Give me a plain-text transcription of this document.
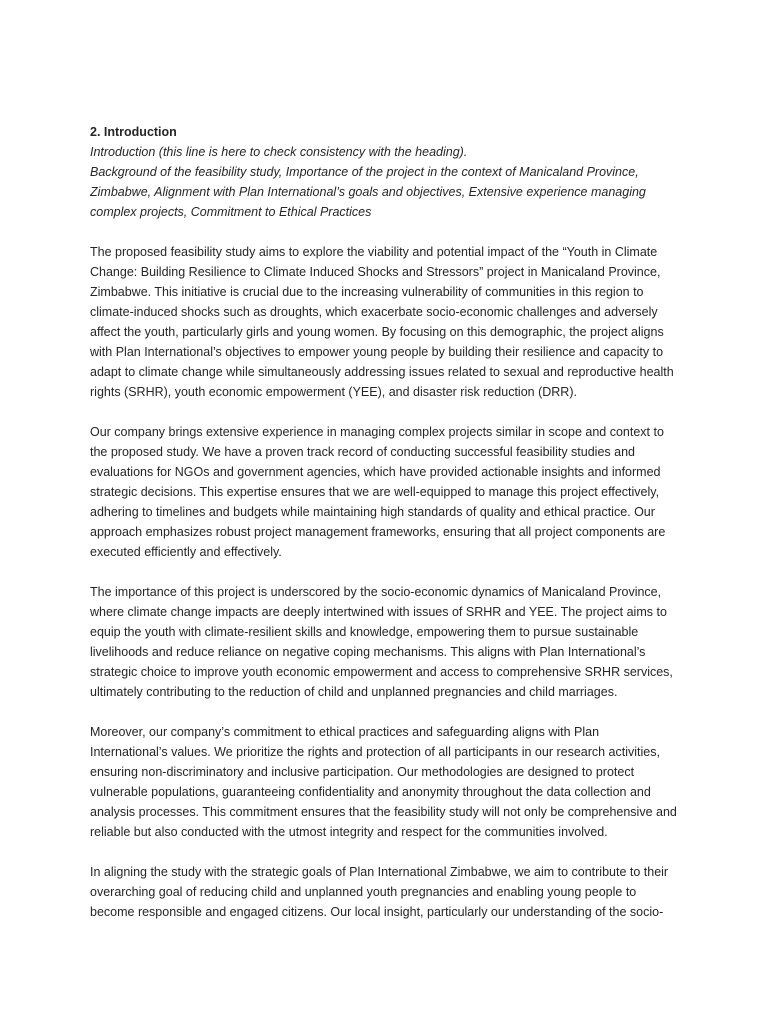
2. Introduction

Introduction (this line is here to check consistency with the heading).

Background of the feasibility study, Importance of the project in the context of Manicaland Province, Zimbabwe, Alignment with Plan International’s goals and objectives, Extensive experience managing complex projects, Commitment to Ethical Practices

The proposed feasibility study aims to explore the viability and potential impact of the “Youth in Climate Change: Building Resilience to Climate Induced Shocks and Stressors” project in Manicaland Province, Zimbabwe. This initiative is crucial due to the increasing vulnerability of communities in this region to climate-induced shocks such as droughts, which exacerbate socio-economic challenges and adversely affect the youth, particularly girls and young women. By focusing on this demographic, the project aligns with Plan International’s objectives to empower young people by building their resilience and capacity to adapt to climate change while simultaneously addressing issues related to sexual and reproductive health rights (SRHR), youth economic empowerment (YEE), and disaster risk reduction (DRR).

Our company brings extensive experience in managing complex projects similar in scope and context to the proposed study. We have a proven track record of conducting successful feasibility studies and evaluations for NGOs and government agencies, which have provided actionable insights and informed strategic decisions. This expertise ensures that we are well-equipped to manage this project effectively, adhering to timelines and budgets while maintaining high standards of quality and ethical practice. Our approach emphasizes robust project management frameworks, ensuring that all project components are executed efficiently and effectively.

The importance of this project is underscored by the socio-economic dynamics of Manicaland Province, where climate change impacts are deeply intertwined with issues of SRHR and YEE. The project aims to equip the youth with climate-resilient skills and knowledge, empowering them to pursue sustainable livelihoods and reduce reliance on negative coping mechanisms. This aligns with Plan International’s strategic choice to improve youth economic empowerment and access to comprehensive SRHR services, ultimately contributing to the reduction of child and unplanned pregnancies and child marriages.

Moreover, our company’s commitment to ethical practices and safeguarding aligns with Plan International’s values. We prioritize the rights and protection of all participants in our research activities, ensuring non-discriminatory and inclusive participation. Our methodologies are designed to protect vulnerable populations, guaranteeing confidentiality and anonymity throughout the data collection and analysis processes. This commitment ensures that the feasibility study will not only be comprehensive and reliable but also conducted with the utmost integrity and respect for the communities involved.

In aligning the study with the strategic goals of Plan International Zimbabwe, we aim to contribute to their overarching goal of reducing child and unplanned youth pregnancies and enabling young people to become responsible and engaged citizens. Our local insight, particularly our understanding of the socio-
